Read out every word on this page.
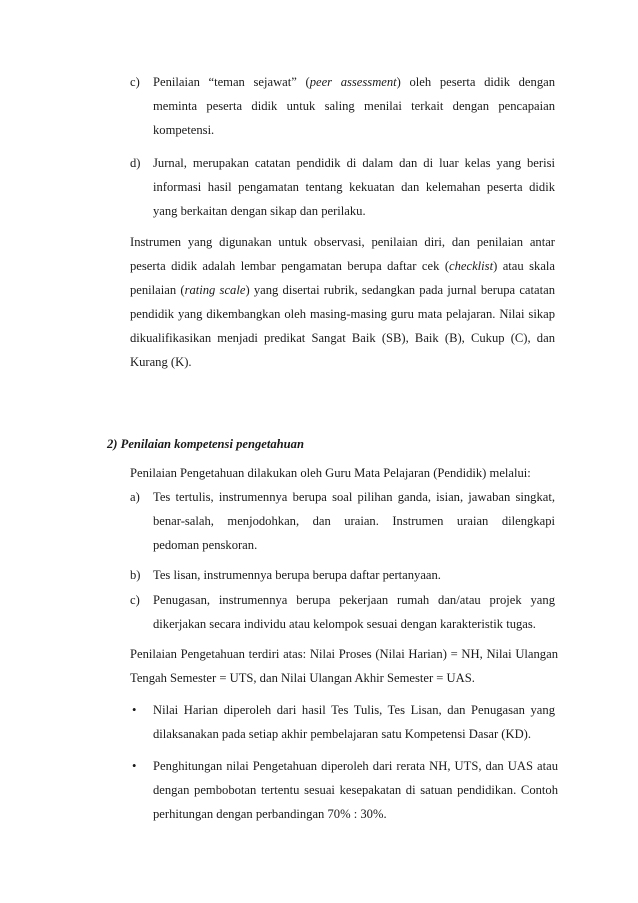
c) Penilaian “teman sejawat” (peer assessment) oleh peserta didik dengan
meminta peserta didik untuk saling menilai terkait dengan pencapaian
kompetensi.
d) Jurnal, merupakan catatan pendidik di dalam dan di luar kelas yang berisi
informasi hasil pengamatan tentang kekuatan dan kelemahan peserta didik
yang berkaitan dengan sikap dan perilaku.
Instrumen yang digunakan untuk observasi, penilaian diri, dan penilaian antar
peserta didik adalah lembar pengamatan berupa daftar cek (checklist) atau skala
penilaian (rating scale) yang disertai rubrik, sedangkan pada jurnal berupa catatan
pendidik yang dikembangkan oleh masing-masing guru mata pelajaran. Nilai sikap
dikualifikasikan menjadi predikat Sangat Baik (SB), Baik (B), Cukup (C), dan
Kurang (K).
2) Penilaian kompetensi pengetahuan
Penilaian Pengetahuan dilakukan oleh Guru Mata Pelajaran (Pendidik) melalui:
a) Tes tertulis, instrumennya berupa soal pilihan ganda, isian, jawaban singkat,
benar-salah, menjodohkan, dan uraian. Instrumen uraian dilengkapi
pedoman penskoran.
b) Tes lisan, instrumennya berupa berupa daftar pertanyaan.
c) Penugasan, instrumennya berupa pekerjaan rumah dan/atau projek yang
dikerjakan secara individu atau kelompok sesuai dengan karakteristik tugas.
Penilaian Pengetahuan terdiri atas: Nilai Proses (Nilai Harian) = NH, Nilai Ulangan
Tengah Semester = UTS, dan Nilai Ulangan Akhir Semester = UAS.
• Nilai Harian diperoleh dari hasil Tes Tulis, Tes Lisan, dan Penugasan yang
dilaksanakan pada setiap akhir pembelajaran satu Kompetensi Dasar (KD).
• Penghitungan nilai Pengetahuan diperoleh dari rerata NH, UTS, dan UAS atau
dengan pembobotan tertentu sesuai kesepakatan di satuan pendidikan. Contoh
perhitungan dengan perbandingan 70% : 30%.
